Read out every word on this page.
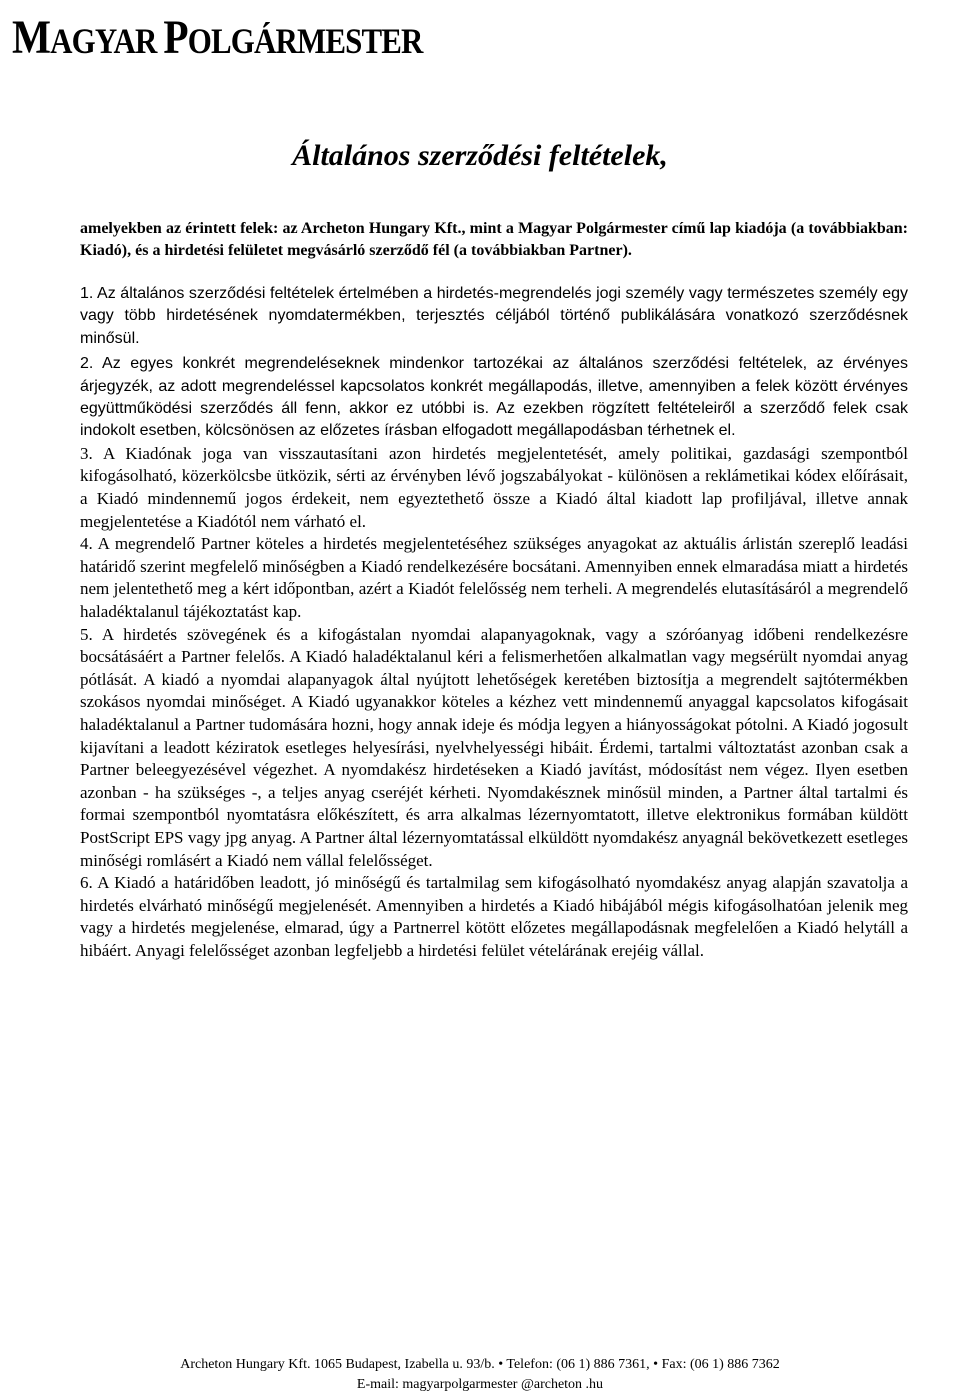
MAGYAR POLGÁRMESTER
Általános szerződési feltételek,

amelyekben az érintett felek: az Archeton Hungary Kft., mint a Magyar Polgármester című lap kiadója (a továbbiakban: Kiadó), és a hirdetési felületet megvásárló szerződő fél (a továbbiakban Partner).

1. Az általános szerződési feltételek értelmében a hirdetés-megrendelés jogi személy vagy természetes személy egy vagy több hirdetésének nyomdatermékben, terjesztés céljából történő publikálására vonatkozó szerződésnek minősül.

2. Az egyes konkrét megrendeléseknek mindenkor tartozékai az általános szerződési feltételek, az érvényes árjegyzék, az adott megrendeléssel kapcsolatos konkrét megállapodás, illetve, amennyiben a felek között érvényes együttműködési szerződés áll fenn, akkor ez utóbbi is. Az ezekben rögzített feltételeiről a szerződő felek csak indokolt esetben, kölcsönösen az előzetes írásban elfogadott megállapodásban térhetnek el.

3. A Kiadónak joga van visszautasítani azon hirdetés megjelentetését, amely politikai, gazdasági szempontból kifogásolható, közerkölcsbe ütközik, sérti az érvényben lévő jogszabályokat - különösen a reklámetikai kódex előírásait, a Kiadó mindennemű jogos érdekeit, nem egyeztethető össze a Kiadó által kiadott lap profiljával, illetve annak megjelentetése a Kiadótól nem várható el.

4. A megrendelő Partner köteles a hirdetés megjelentetéséhez szükséges anyagokat az aktuális árlistán szereplő leadási határidő szerint megfelelő minőségben a Kiadó rendelkezésére bocsátani. Amennyiben ennek elmaradása miatt a hirdetés nem jelentethető meg a kért időpontban, azért a Kiadót felelősség nem terheli. A megrendelés elutasításáról a megrendelő haladéktalanul tájékoztatást kap.

5. A hirdetés szövegének és a kifogástalan nyomdai alapanyagoknak, vagy a szóróanyag időbeni rendelkezésre bocsátásáért a Partner felelős. A Kiadó haladéktalanul kéri a felismerhetően alkalmatlan vagy megsérült nyomdai anyag pótlását. A kiadó a nyomdai alapanyagok által nyújtott lehetőségek keretében biztosítja a megrendelt sajtótermékben szokásos nyomdai minőséget. A Kiadó ugyanakkor köteles a kézhez vett mindennemű anyaggal kapcsolatos kifogásait haladéktalanul a Partner tudomására hozni, hogy annak ideje és módja legyen a hiányosságokat pótolni. A Kiadó jogosult kijavítani a leadott kéziratok esetleges helyesírási, nyelvhelyességi hibáit. Érdemi, tartalmi változtatást azonban csak a Partner beleegyezésével végezhet. A nyomdakész hirdetéseken a Kiadó javítást, módosítást nem végez. Ilyen esetben azonban - ha szükséges -, a teljes anyag cseréjét kérheti. Nyomdakésznek minősül minden, a Partner által tartalmi és formai szempontból nyomtatásra előkészített, és arra alkalmas lézernyomtatott, illetve elektronikus formában küldött PostScript EPS vagy jpg anyag. A Partner által lézernyomtatással elküldött nyomdakész anyagnál bekövetkezett esetleges minőségi romlásért a Kiadó nem vállal felelősséget.

6. A Kiadó a határidőben leadott, jó minőségű és tartalmilag sem kifogásolható nyomdakész anyag alapján szavatolja a hirdetés elvárható minőségű megjelenését. Amennyiben a hirdetés a Kiadó hibájából mégis kifogásolhatóan jelenik meg vagy a hirdetés megjelenése, elmarad, úgy a Partnerrel kötött előzetes megállapodásnak megfelelően a Kiadó helytáll a hibáért. Anyagi felelősséget azonban legfeljebb a hirdetési felület vételárának erejéig vállal.

Archeton Hungary Kft. 1065 Budapest, Izabella u. 93/b. • Telefon: (06 1) 886 7361, • Fax: (06 1) 886 7362
E-mail: magyarpolgarmester @archeton .hu
